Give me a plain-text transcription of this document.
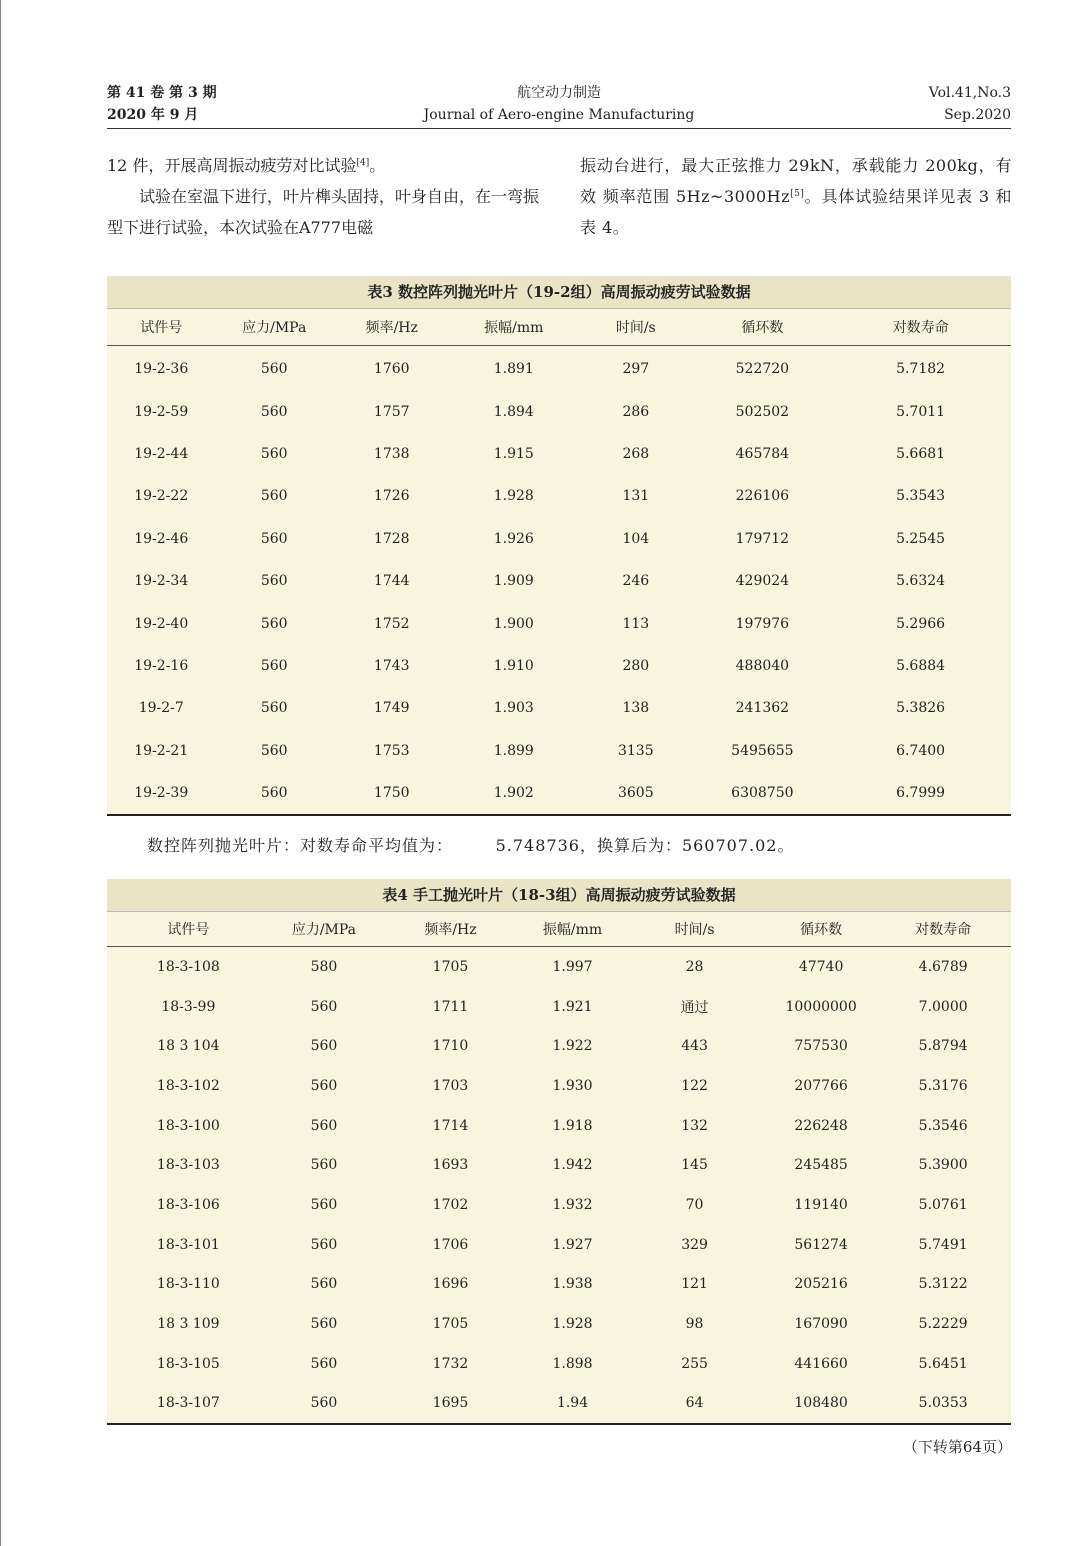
第 41 卷 第 3 期
2020 年 9 月
航空动力制造
Journal of Aero-engine Manufacturing
Vol.41,No.3
Sep.2020

12 件，开展高周振动疲劳对比试验[4]。

试验在室温下进行，叶片榫头固持，叶身自由，在一弯振型下进行试验，本次试验在A777电磁

振动台进行，最大正弦推力 29kN，承载能力 200kg，有效 频率范围 5Hz~3000Hz[5]。具体试验结果详见表 3 和表 4。

表3 数控阵列抛光叶片（19-2组）高周振动疲劳试验数据
试件号	应力/MPa	频率/Hz	振幅/mm	时间/s	循环数	对数寿命
19-2-36	560	1760	1.891	297	522720	5.7182
19-2-59	560	1757	1.894	286	502502	5.7011
19-2-44	560	1738	1.915	268	465784	5.6681
19-2-22	560	1726	1.928	131	226106	5.3543
19-2-46	560	1728	1.926	104	179712	5.2545
19-2-34	560	1744	1.909	246	429024	5.6324
19-2-40	560	1752	1.900	113	197976	5.2966
19-2-16	560	1743	1.910	280	488040	5.6884
19-2-7	560	1749	1.903	138	241362	5.3826
19-2-21	560	1753	1.899	3135	5495655	6.7400
19-2-39	560	1750	1.902	3605	6308750	6.7999
数控阵列抛光叶片：对数寿命平均值为：       5.748736，换算后为：560707.02。
表4 手工抛光叶片（18-3组）高周振动疲劳试验数据
试件号	应力/MPa	频率/Hz	振幅/mm	时间/s	循环数	对数寿命
18-3-108	580	1705	1.997	28	47740	4.6789
18-3-99	560	1711	1.921	通过	10000000	7.0000
18 3 104	560	1710	1.922	443	757530	5.8794
18-3-102	560	1703	1.930	122	207766	5.3176
18-3-100	560	1714	1.918	132	226248	5.3546
18-3-103	560	1693	1.942	145	245485	5.3900
18-3-106	560	1702	1.932	70	119140	5.0761
18-3-101	560	1706	1.927	329	561274	5.7491
18-3-110	560	1696	1.938	121	205216	5.3122
18 3 109	560	1705	1.928	98	167090	5.2229
18-3-105	560	1732	1.898	255	441660	5.6451
18-3-107	560	1695	1.94	64	108480	5.0353
（下转第64页）
